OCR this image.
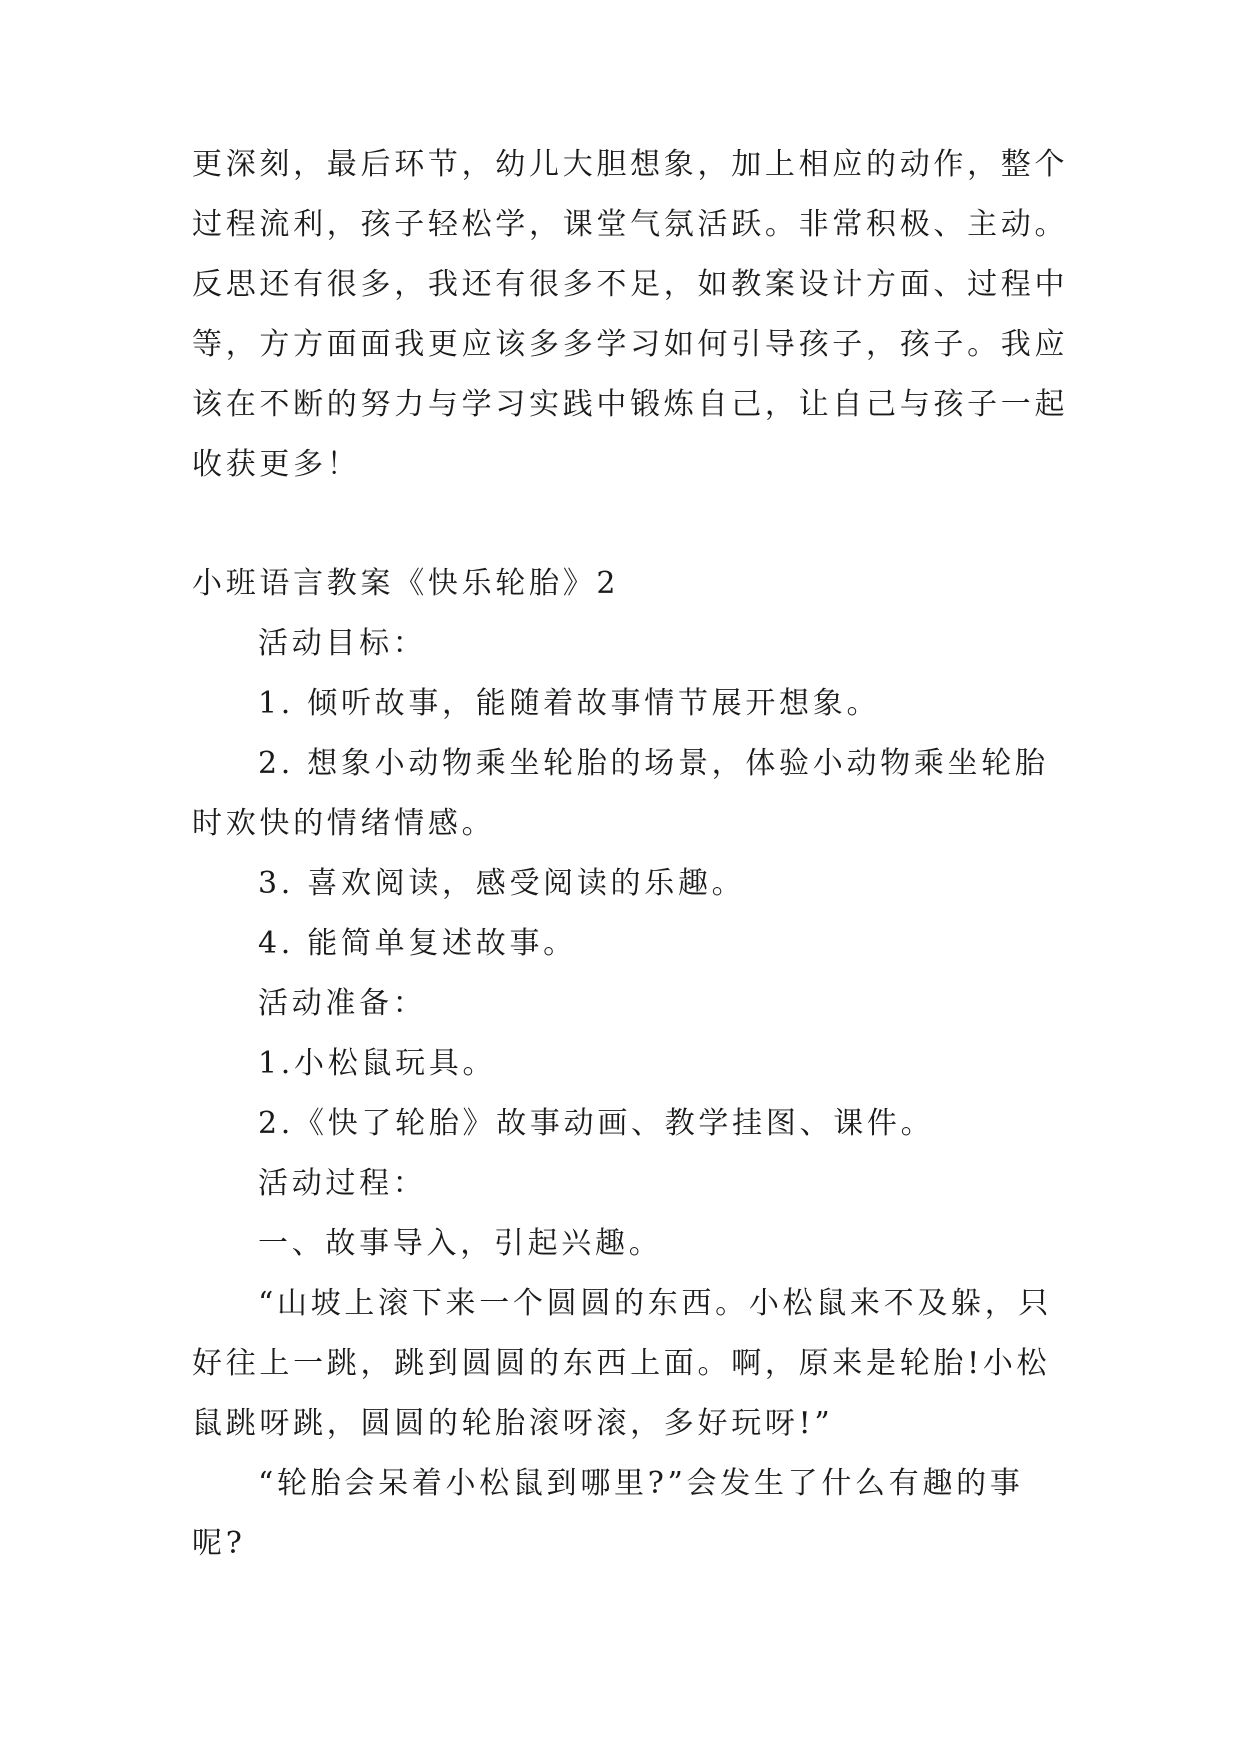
更深刻，最后环节，幼儿大胆想象，加上相应的动作，整个
过程流利，孩子轻松学，课堂气氛活跃。非常积极、主动。
反思还有很多，我还有很多不足，如教案设计方面、过程中
等，方方面面我更应该多多学习如何引导孩子，孩子。我应
该在不断的努力与学习实践中锻炼自己，让自己与孩子一起
收获更多！
小班语言教案《快乐轮胎》2
活动目标：
1. 倾听故事，能随着故事情节展开想象。
2. 想象小动物乘坐轮胎的场景，体验小动物乘坐轮胎
时欢快的情绪情感。
3. 喜欢阅读，感受阅读的乐趣。
4. 能简单复述故事。
活动准备：
1.小松鼠玩具。
2.《快了轮胎》故事动画、教学挂图、课件。
活动过程：
一、故事导入，引起兴趣。
“山坡上滚下来一个圆圆的东西。小松鼠来不及躲，只
好往上一跳，跳到圆圆的东西上面。啊，原来是轮胎!小松
鼠跳呀跳，圆圆的轮胎滚呀滚，多好玩呀!”
“轮胎会呆着小松鼠到哪里?”会发生了什么有趣的事
呢?
